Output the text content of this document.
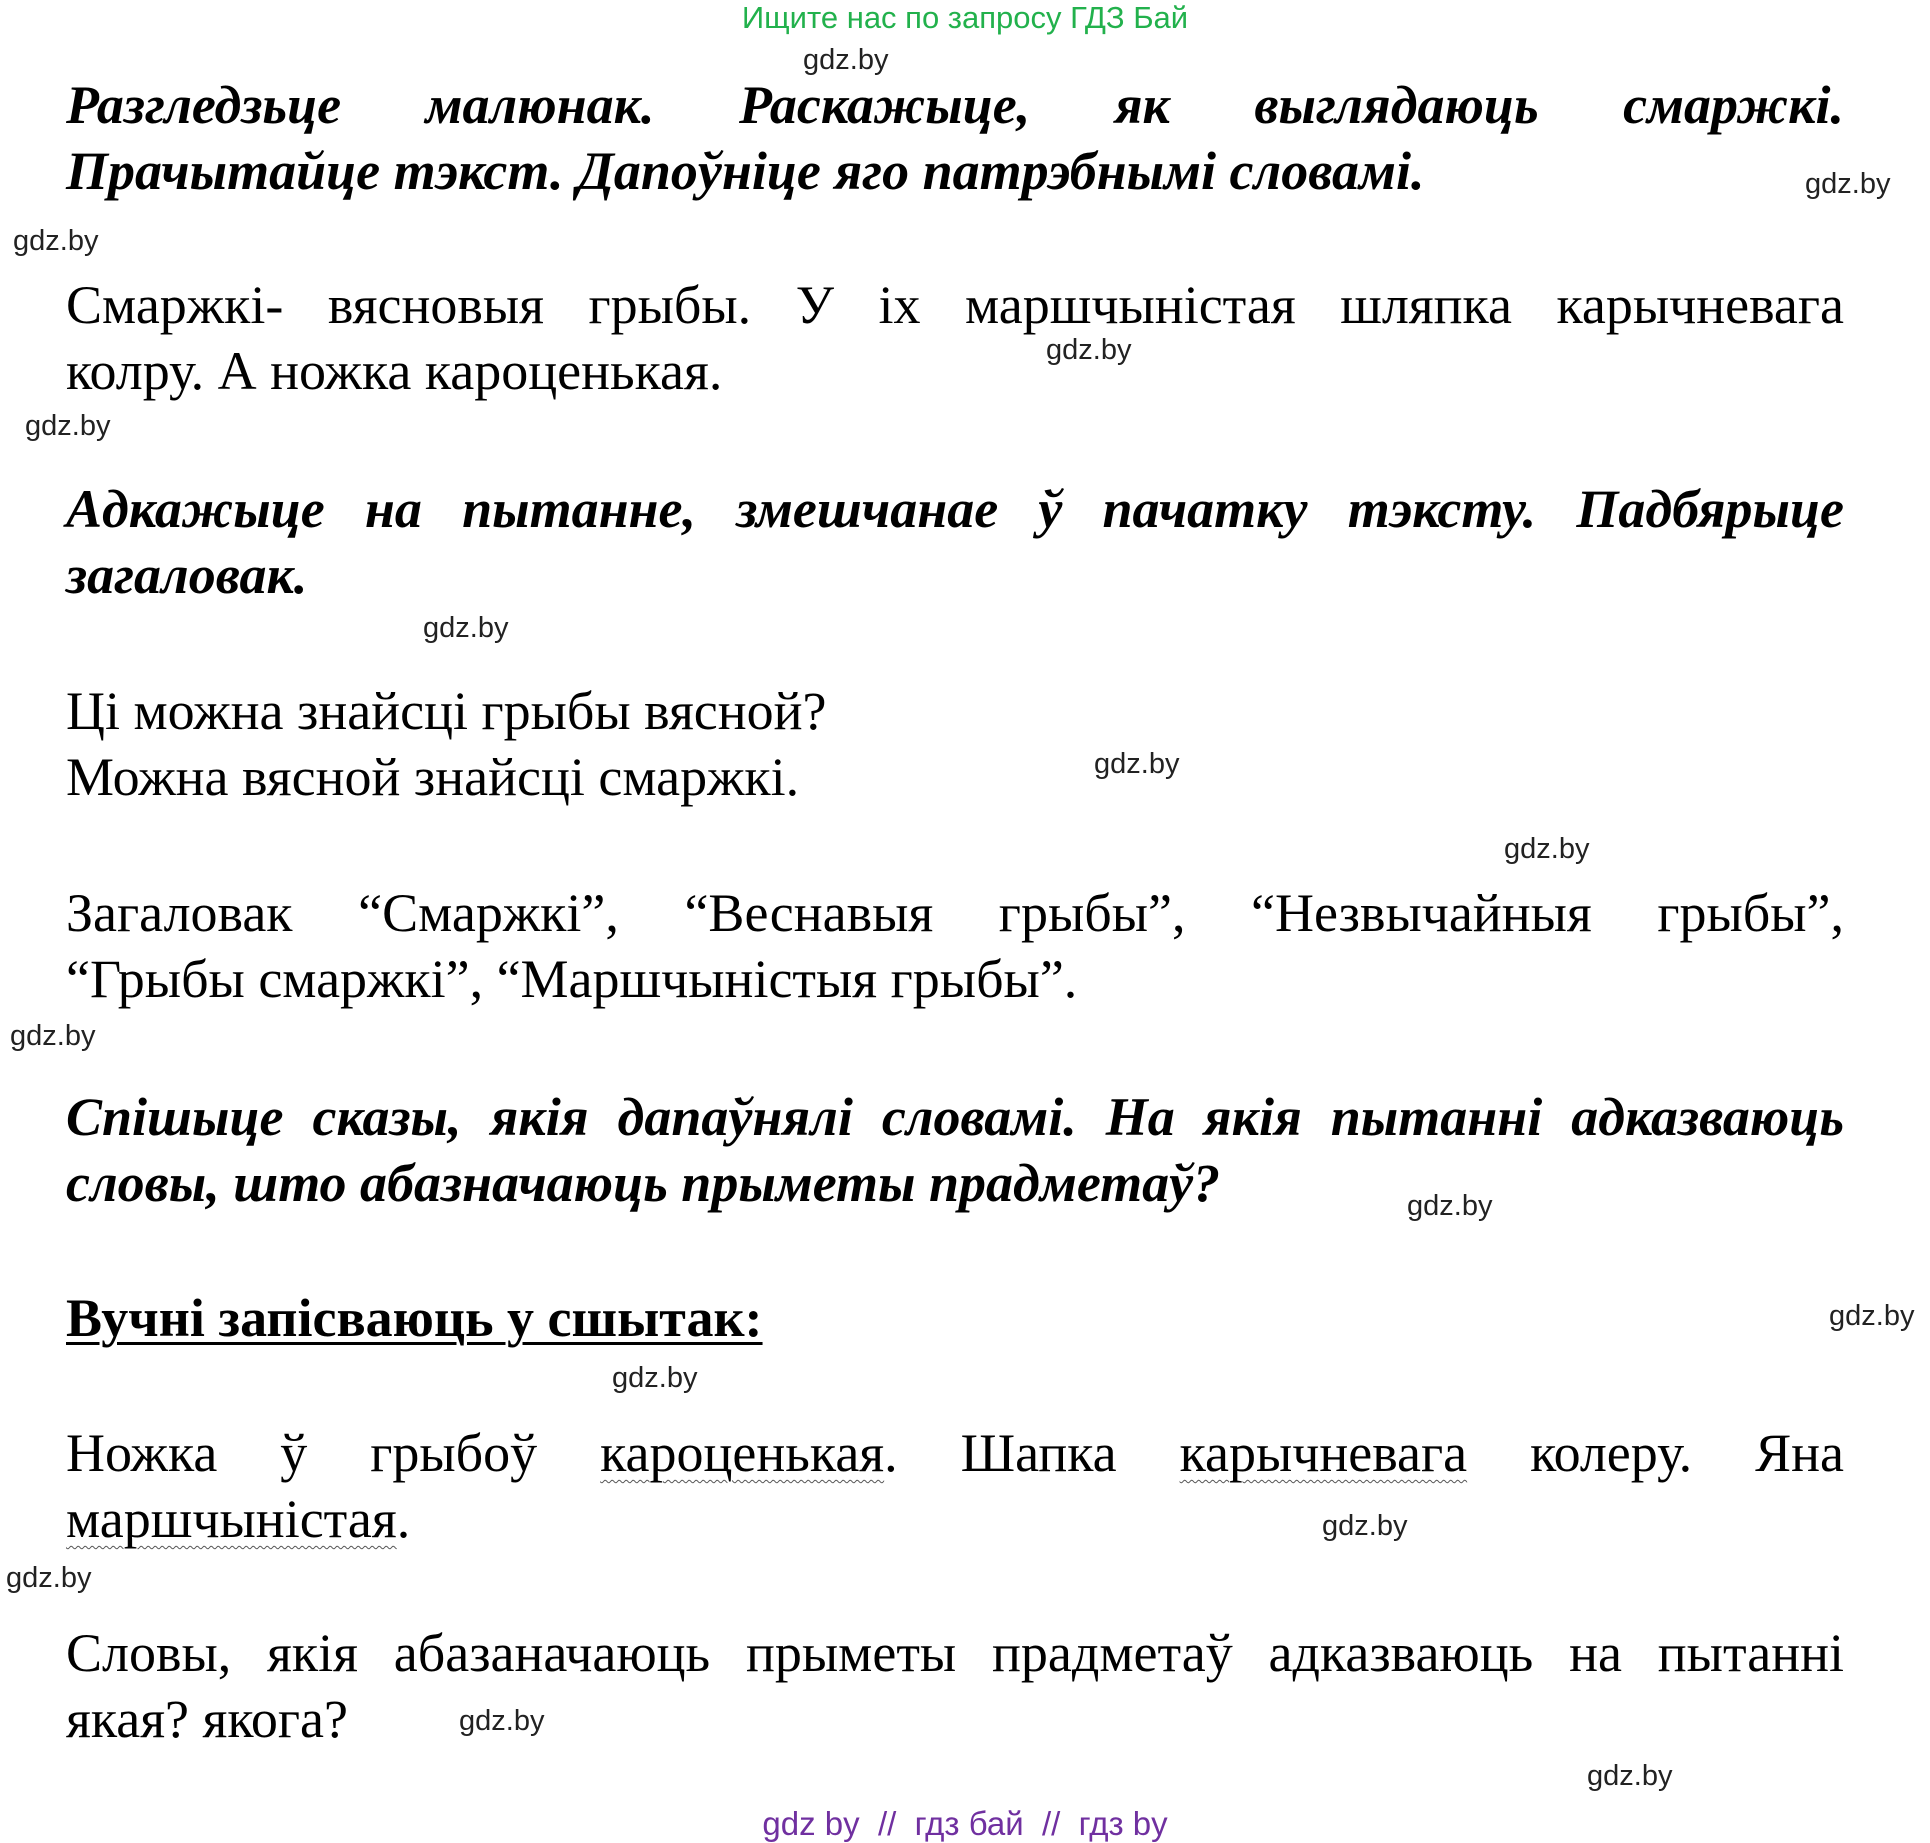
Ищите нас по запросу ГДЗ Бай
gdz.by
gdz.by
gdz.by
gdz.by
gdz.by
gdz.by
gdz.by
gdz.by
gdz.by
gdz.by
gdz.by
gdz.by
gdz.by
gdz.by
gdz.by
gdz.by
Разгледзьце малюнак. Раскажыце, як выглядаюць смаржкі.
Прачытайце тэкст. Дапоўніце яго патрэбнымі словамі.
Смаржкі- вясновыя грыбы. У іх маршчыністая шляпка карычневага
колру. А ножка кароценькая.
Адкажыце на пытанне, змешчанае ў пачатку тэксту. Падбярыце
загаловак.
Ці можна знайсці грыбы вясной?
Можна вясной знайсці смаржкі.
Загаловак “Смаржкі”, “Веснавыя грыбы”, “Незвычайныя грыбы”,
“Грыбы смаржкі”, “Маршчыністыя грыбы”.
Спішыце сказы, якія дапаўнялі словамі. На якія пытанні адказваюць
словы, што абазначаюць прыметы прадметаў?
Вучні запісваюць у сшытак:
Ножка ў грыбоў кароценькая. Шапка карычневага колеру. Яна
маршчыністая.
Словы, якія абазаначаюць прыметы прадметаў адказваюць на пытанні
якая? якога?
gdz by  //  гдз бай  //  гдз by
